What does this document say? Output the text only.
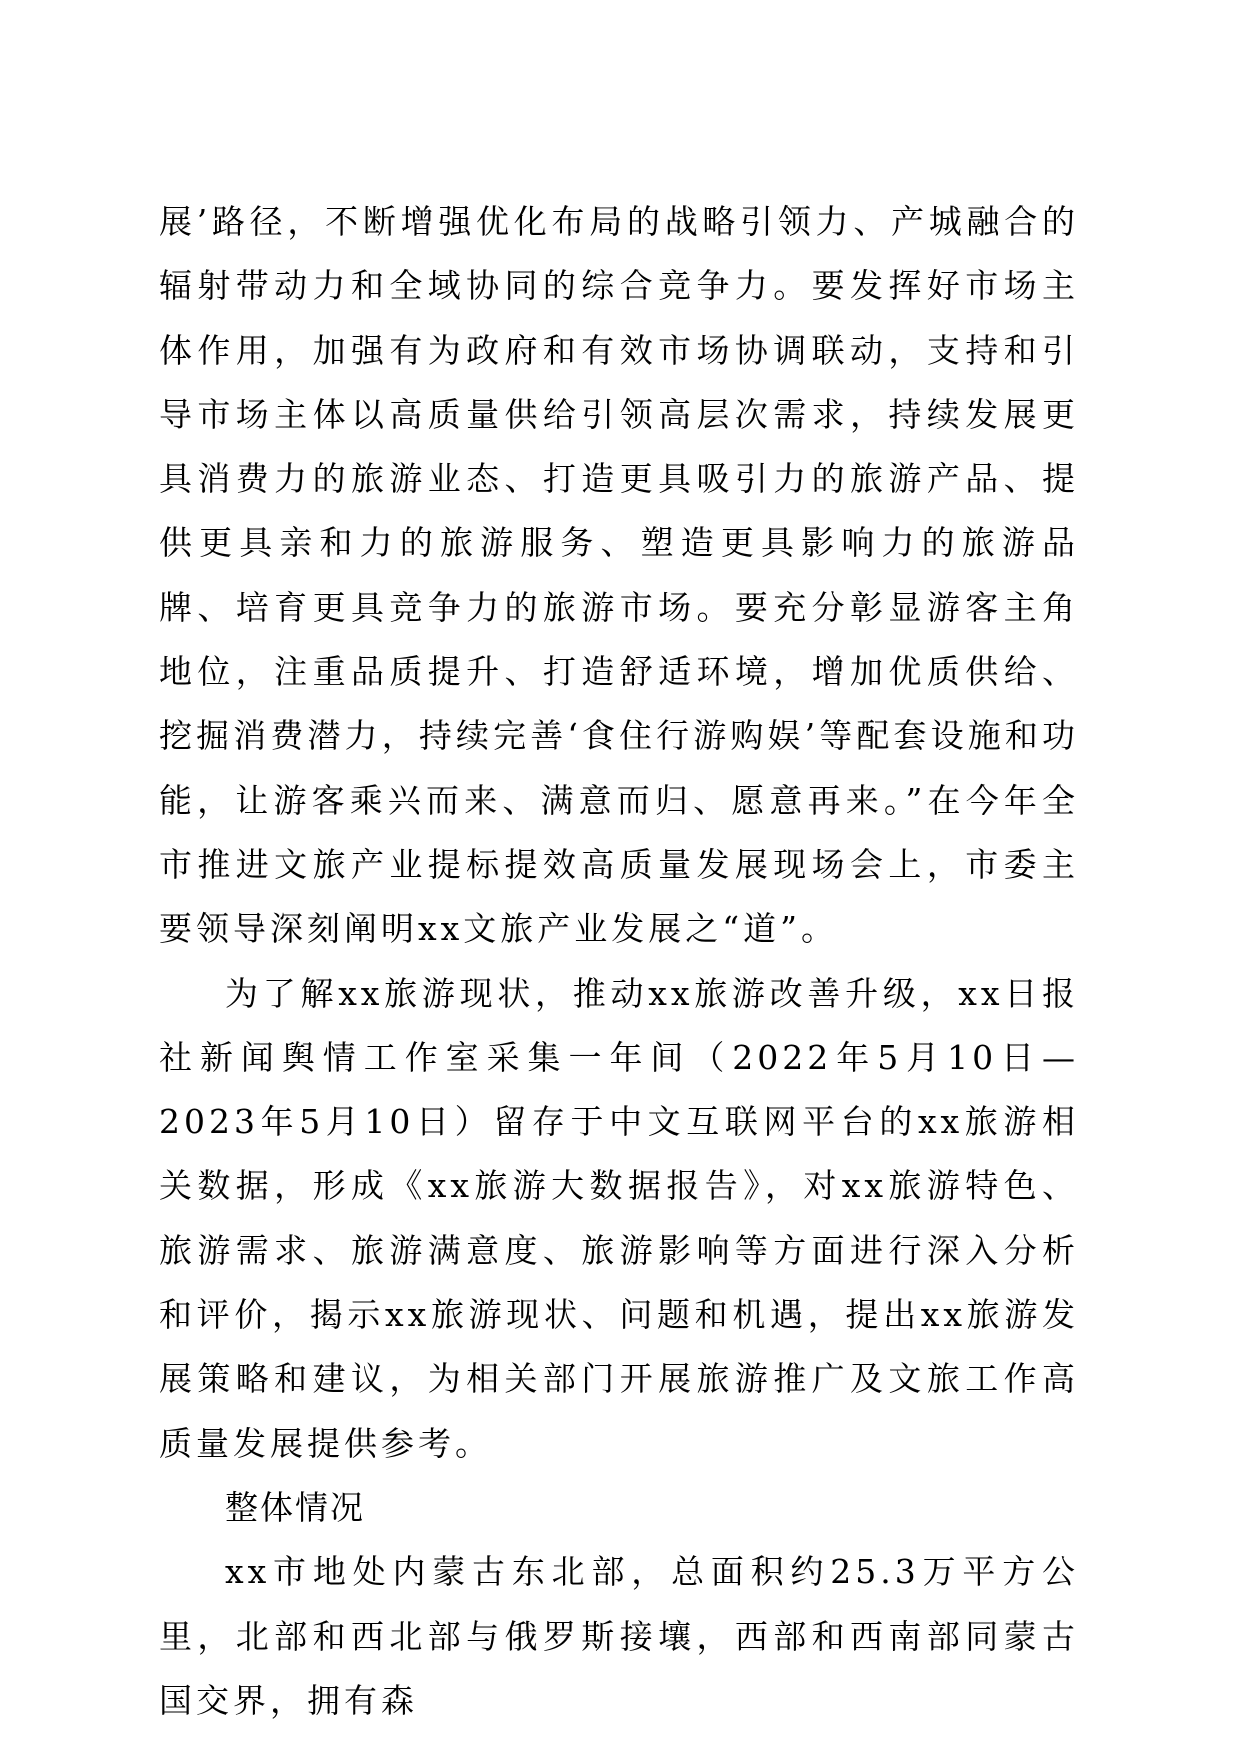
展’路径，不断增强优化布局的战略引领力、产城融合的辐射带动力和全域协同的综合竞争力。要发挥好市场主体作用，加强有为政府和有效市场协调联动，支持和引导市场主体以高质量供给引领高层次需求，持续发展更具消费力的旅游业态、打造更具吸引力的旅游产品、提供更具亲和力的旅游服务、塑造更具影响力的旅游品牌、培育更具竞争力的旅游市场。要充分彰显游客主角地位，注重品质提升、打造舒适环境，增加优质供给、挖掘消费潜力，持续完善‘食住行游购娱’等配套设施和功能，让游客乘兴而来、满意而归、愿意再来。”在今年全市推进文旅产业提标提效高质量发展现场会上，市委主要领导深刻阐明xx文旅产业发展之“道”。

为了解xx旅游现状，推动xx旅游改善升级，xx日报社新闻舆情工作室采集一年间（2022年5月10日—2023年5月10日）留存于中文互联网平台的xx旅游相关数据，形成《xx旅游大数据报告》，对xx旅游特色、旅游需求、旅游满意度、旅游影响等方面进行深入分析和评价，揭示xx旅游现状、问题和机遇，提出xx旅游发展策略和建议，为相关部门开展旅游推广及文旅工作高质量发展提供参考。

整体情况

xx市地处内蒙古东北部，总面积约25.3万平方公里，北部和西北部与俄罗斯接壤，西部和西南部同蒙古国交界，拥有森
